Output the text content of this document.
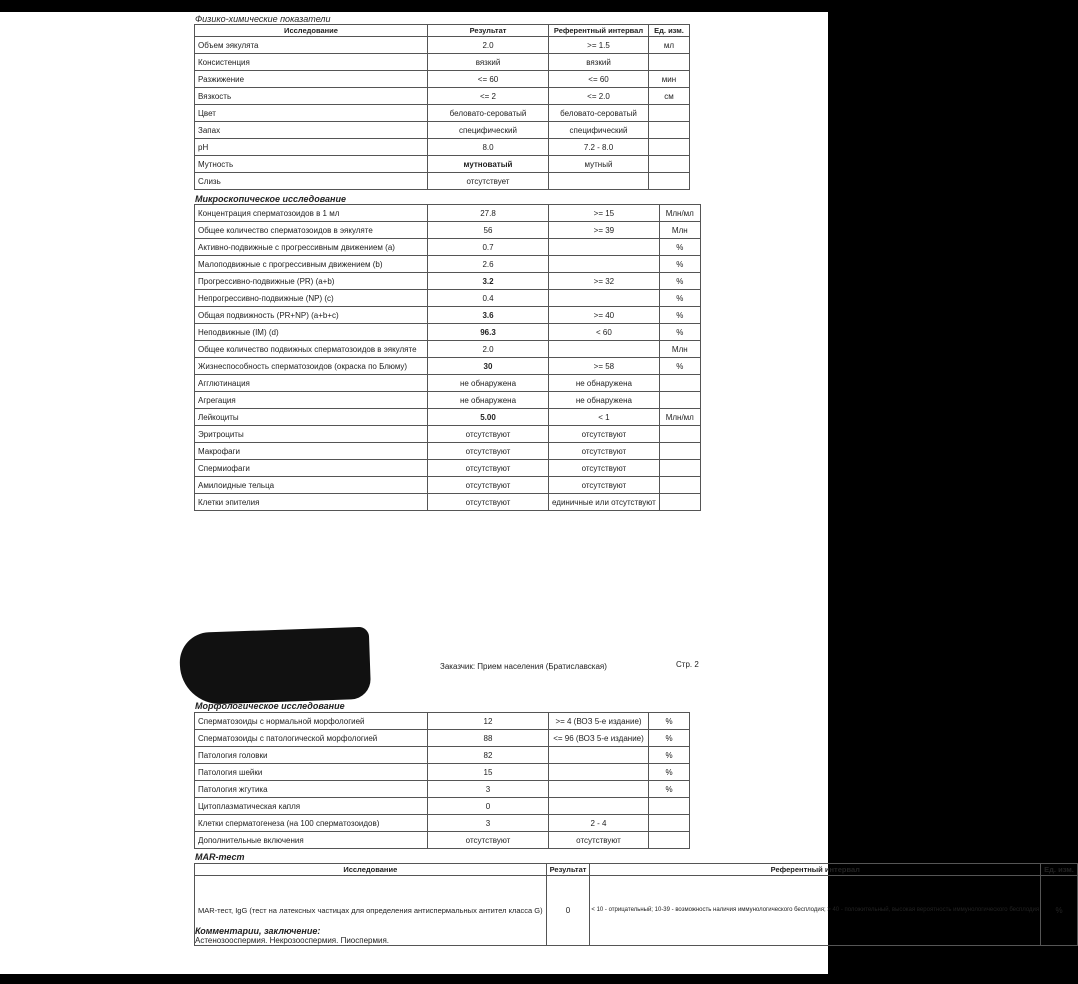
Физико-химические показатели
Исследование	Результат	Референтный интервал	Ед. изм.
Объем эякулята	2.0	>= 1.5	мл
Консистенция	вязкий	вязкий	
Разжижение	<= 60	<= 60	мин
Вязкость	<= 2	<= 2.0	см
Цвет	беловато-сероватый	беловато-сероватый	
Запах	специфический	специфический	
pH	8.0	7.2 - 8.0	
Мутность	мутноватый	мутный	
Слизь	отсутствует		
Микроскопическое исследование
Концентрация сперматозоидов в 1 мл	27.8	>= 15	Млн/мл
Общее количество сперматозоидов в эякуляте	56	>= 39	Млн
Активно-подвижные с прогрессивным движением (a)	0.7		%
Малоподвижные с прогрессивным движением (b)	2.6		%
Прогрессивно-подвижные (PR) (a+b)	3.2	>= 32	%
Непрогрессивно-подвижные (NP) (c)	0.4		%
Общая подвижность (PR+NP) (a+b+c)	3.6	>= 40	%
Неподвижные (IM) (d)	96.3	< 60	%
Общее количество подвижных сперматозоидов в эякуляте	2.0		Млн
Жизнеспособность сперматозоидов (окраска по Блюму)	30	>= 58	%
Агглютинация	не обнаружена	не обнаружена	
Агрегация	не обнаружена	не обнаружена	
Лейкоциты	5.00	< 1	Млн/мл
Эритроциты	отсутствуют	отсутствуют	
Макрофаги	отсутствуют	отсутствуют	
Спермиофаги	отсутствуют	отсутствуют	
Амилоидные тельца	отсутствуют	отсутствуют	
Клетки эпителия	отсутствуют	единичные или отсутствуют	
Заказчик: Прием населения (Братиславская)	Стр. 2
Морфологическое исследование
Сперматозоиды с нормальной морфологией	12	>= 4 (ВОЗ 5-е издание)	%
Сперматозоиды с патологической морфологией	88	<= 96 (ВОЗ 5-е издание)	%
Патология головки	82		%
Патология шейки	15		%
Патология жгутика	3		%
Цитоплазматическая капля	0		
Клетки сперматогенеза (на 100 сперматозоидов)	3	2 - 4	
Дополнительные включения	отсутствуют	отсутствуют	
MAR-тест
Исследование	Результат	Референтный интервал	Ед. изм.
MAR-тест, IgG (тест на латексных частицах для определения антиспермальных антител класса G)	0	< 10 - отрицательный; 10-39 - возможность наличия иммунологического бесплодия; > 40 - положительный, высокая вероятность иммунологического бесплодия	%
Комментарии, заключение:
Астенозооспермия. Некрозооспермия. Пиоспермия.
